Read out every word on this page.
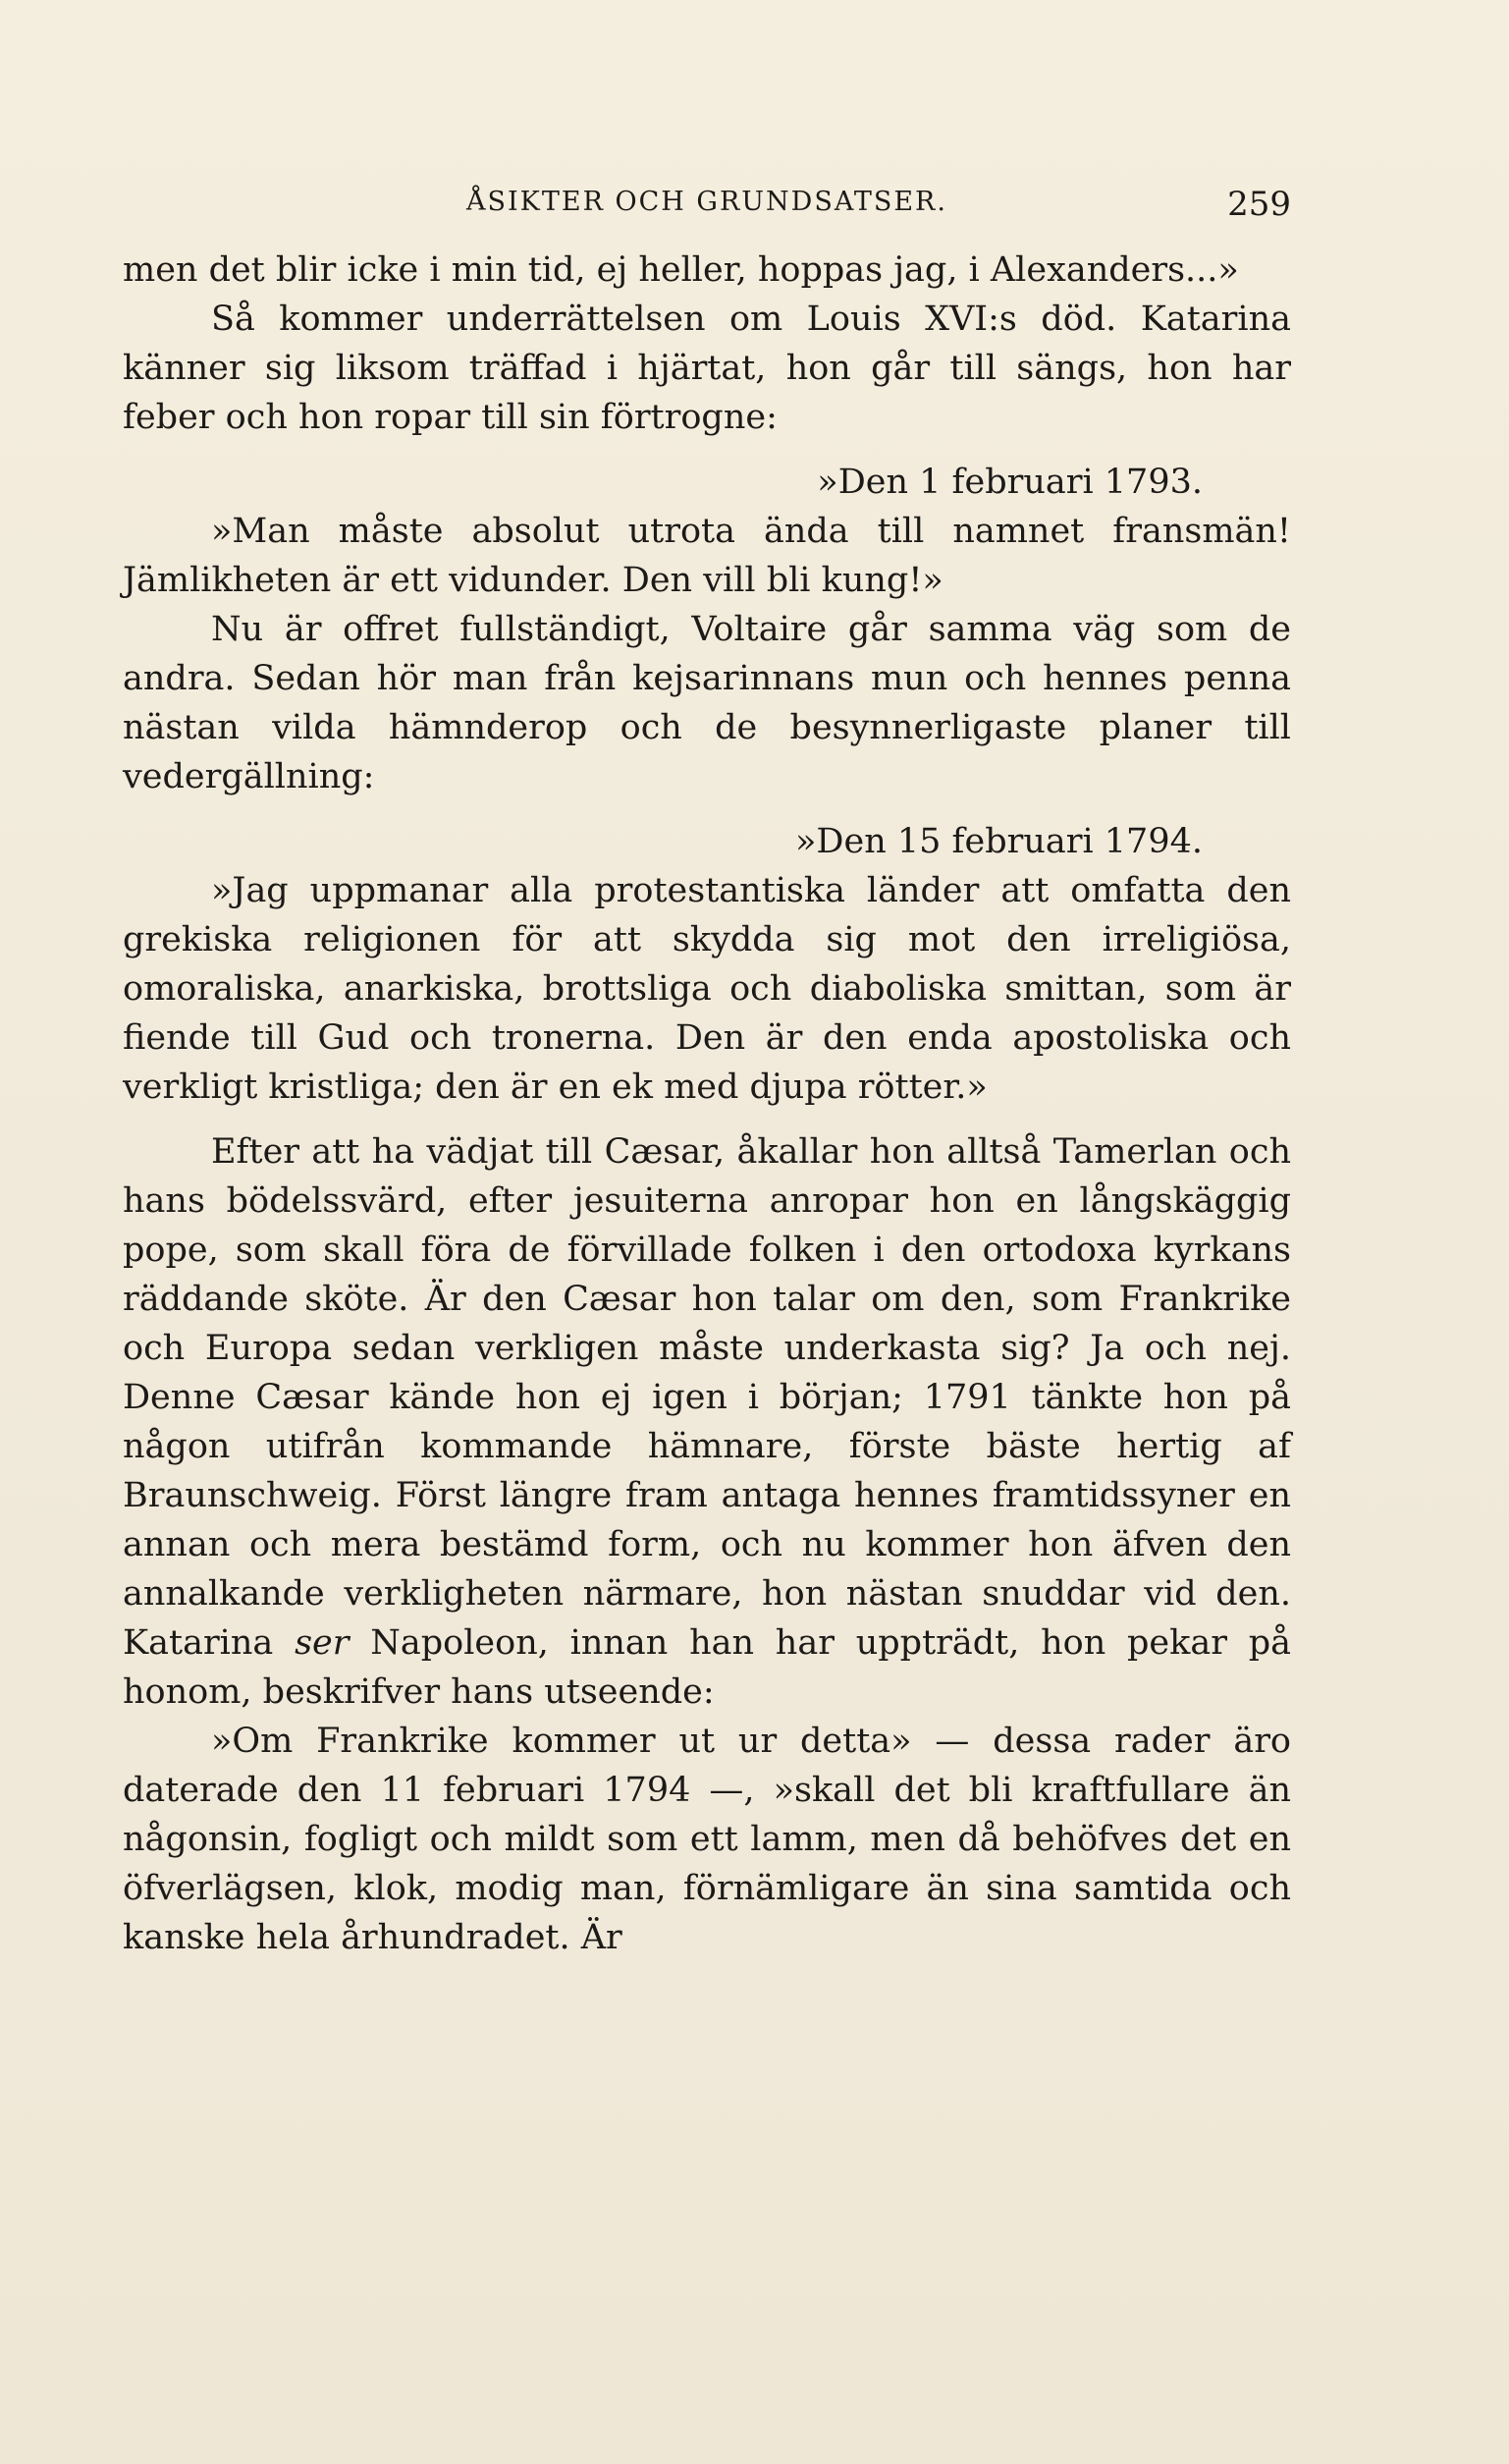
ÅSIKTER OCH GRUNDSATSER.	259

men det blir icke i min tid, ej heller, hoppas jag, i Alexanders...»

Så kommer underrättelsen om Louis XVI:s död. Katarina känner sig liksom träffad i hjärtat, hon går till sängs, hon har feber och hon ropar till sin förtrogne:

»Den 1 februari 1793.

»Man måste absolut utrota ända till namnet fransmän! Jämlikheten är ett vidunder. Den vill bli kung!»

Nu är offret fullständigt, Voltaire går samma väg som de andra. Sedan hör man från kejsarinnans mun och hennes penna nästan vilda hämnderop och de besynnerligaste planer till vedergällning:

»Den 15 februari 1794.

»Jag uppmanar alla protestantiska länder att omfatta den grekiska religionen för att skydda sig mot den irreligiösa, omoraliska, anarkiska, brottsliga och diaboliska smittan, som är fiende till Gud och tronerna. Den är den enda apostoliska och verkligt kristliga; den är en ek med djupa rötter.»

Efter att ha vädjat till Cæsar, åkallar hon alltså Tamerlan och hans bödelssvärd, efter jesuiterna anropar hon en långskäggig pope, som skall föra de förvillade folken i den ortodoxa kyrkans räddande sköte. Är den Cæsar hon talar om den, som Frankrike och Europa sedan verkligen måste underkasta sig? Ja och nej. Denne Cæsar kände hon ej igen i början; 1791 tänkte hon på någon utifrån kommande hämnare, förste bäste hertig af Braunschweig. Först längre fram antaga hennes framtidssyner en annan och mera bestämd form, och nu kommer hon äfven den annalkande verkligheten närmare, hon nästan snuddar vid den. Katarina ser Napoleon, innan han har uppträdt, hon pekar på honom, beskrifver hans utseende:

»Om Frankrike kommer ut ur detta» — dessa rader äro daterade den 11 februari 1794 —, »skall det bli kraftfullare än någonsin, fogligt och mildt som ett lamm, men då behöfves det en öfverlägsen, klok, modig man, förnämligare än sina samtida och kanske hela århundradet. Är
